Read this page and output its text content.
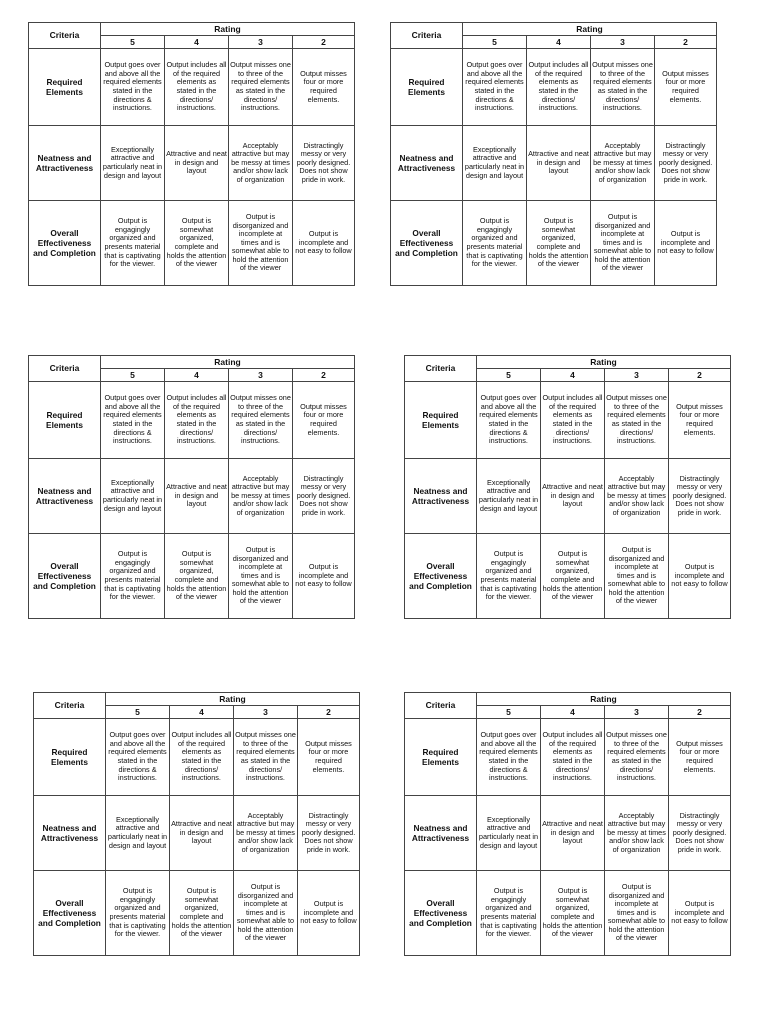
Criteria	Rating			
	5	4	3	2
Required Elements	Output goes over and above all the required elements stated in the directions & instructions.	Output includes all of the required elements as stated in the directions/ instructions.	Output misses one to three of the required elements as stated in the directions/ instructions.	Output misses four or more required elements.
Neatness and Attractiveness	Exceptionally attractive and particularly neat in design and layout	Attractive and neat in design and layout	Acceptably attractive but may be messy at times and/or show lack of organization	Distractingly messy or very poorly designed. Does not show pride in work.
Overall Effectiveness and Completion	Output is engagingly organized and presents material that is captivating for the viewer.	Output is somewhat organized, complete and holds the attention of the viewer	Output is disorganized and incomplete at times and is somewhat able to hold the attention of the viewer	Output is incomplete and not easy to follow
Criteria	Rating			
	5	4	3	2
Required Elements	Output goes over and above all the required elements stated in the directions & instructions.	Output includes all of the required elements as stated in the directions/ instructions.	Output misses one to three of the required elements as stated in the directions/ instructions.	Output misses four or more required elements.
Neatness and Attractiveness	Exceptionally attractive and particularly neat in design and layout	Attractive and neat in design and layout	Acceptably attractive but may be messy at times and/or show lack of organization	Distractingly messy or very poorly designed. Does not show pride in work.
Overall Effectiveness and Completion	Output is engagingly organized and presents material that is captivating for the viewer.	Output is somewhat organized, complete and holds the attention of the viewer	Output is disorganized and incomplete at times and is somewhat able to hold the attention of the viewer	Output is incomplete and not easy to follow
Criteria	Rating			
	5	4	3	2
Required Elements	Output goes over and above all the required elements stated in the directions & instructions.	Output includes all of the required elements as stated in the directions/ instructions.	Output misses one to three of the required elements as stated in the directions/ instructions.	Output misses four or more required elements.
Neatness and Attractiveness	Exceptionally attractive and particularly neat in design and layout	Attractive and neat in design and layout	Acceptably attractive but may be messy at times and/or show lack of organization	Distractingly messy or very poorly designed. Does not show pride in work.
Overall Effectiveness and Completion	Output is engagingly organized and presents material that is captivating for the viewer.	Output is somewhat organized, complete and holds the attention of the viewer	Output is disorganized and incomplete at times and is somewhat able to hold the attention of the viewer	Output is incomplete and not easy to follow
Criteria	Rating			
	5	4	3	2
Required Elements	Output goes over and above all the required elements stated in the directions & instructions.	Output includes all of the required elements as stated in the directions/ instructions.	Output misses one to three of the required elements as stated in the directions/ instructions.	Output misses four or more required elements.
Neatness and Attractiveness	Exceptionally attractive and particularly neat in design and layout	Attractive and neat in design and layout	Acceptably attractive but may be messy at times and/or show lack of organization	Distractingly messy or very poorly designed. Does not show pride in work.
Overall Effectiveness and Completion	Output is engagingly organized and presents material that is captivating for the viewer.	Output is somewhat organized, complete and holds the attention of the viewer	Output is disorganized and incomplete at times and is somewhat able to hold the attention of the viewer	Output is incomplete and not easy to follow
Criteria	Rating			
	5	4	3	2
Required Elements	Output goes over and above all the required elements stated in the directions & instructions.	Output includes all of the required elements as stated in the directions/ instructions.	Output misses one to three of the required elements as stated in the directions/ instructions.	Output misses four or more required elements.
Neatness and Attractiveness	Exceptionally attractive and particularly neat in design and layout	Attractive and neat in design and layout	Acceptably attractive but may be messy at times and/or show lack of organization	Distractingly messy or very poorly designed. Does not show pride in work.
Overall Effectiveness and Completion	Output is engagingly organized and presents material that is captivating for the viewer.	Output is somewhat organized, complete and holds the attention of the viewer	Output is disorganized and incomplete at times and is somewhat able to hold the attention of the viewer	Output is incomplete and not easy to follow
Criteria	Rating			
	5	4	3	2
Required Elements	Output goes over and above all the required elements stated in the directions & instructions.	Output includes all of the required elements as stated in the directions/ instructions.	Output misses one to three of the required elements as stated in the directions/ instructions.	Output misses four or more required elements.
Neatness and Attractiveness	Exceptionally attractive and particularly neat in design and layout	Attractive and neat in design and layout	Acceptably attractive but may be messy at times and/or show lack of organization	Distractingly messy or very poorly designed. Does not show pride in work.
Overall Effectiveness and Completion	Output is engagingly organized and presents material that is captivating for the viewer.	Output is somewhat organized, complete and holds the attention of the viewer	Output is disorganized and incomplete at times and is somewhat able to hold the attention of the viewer	Output is incomplete and not easy to follow
